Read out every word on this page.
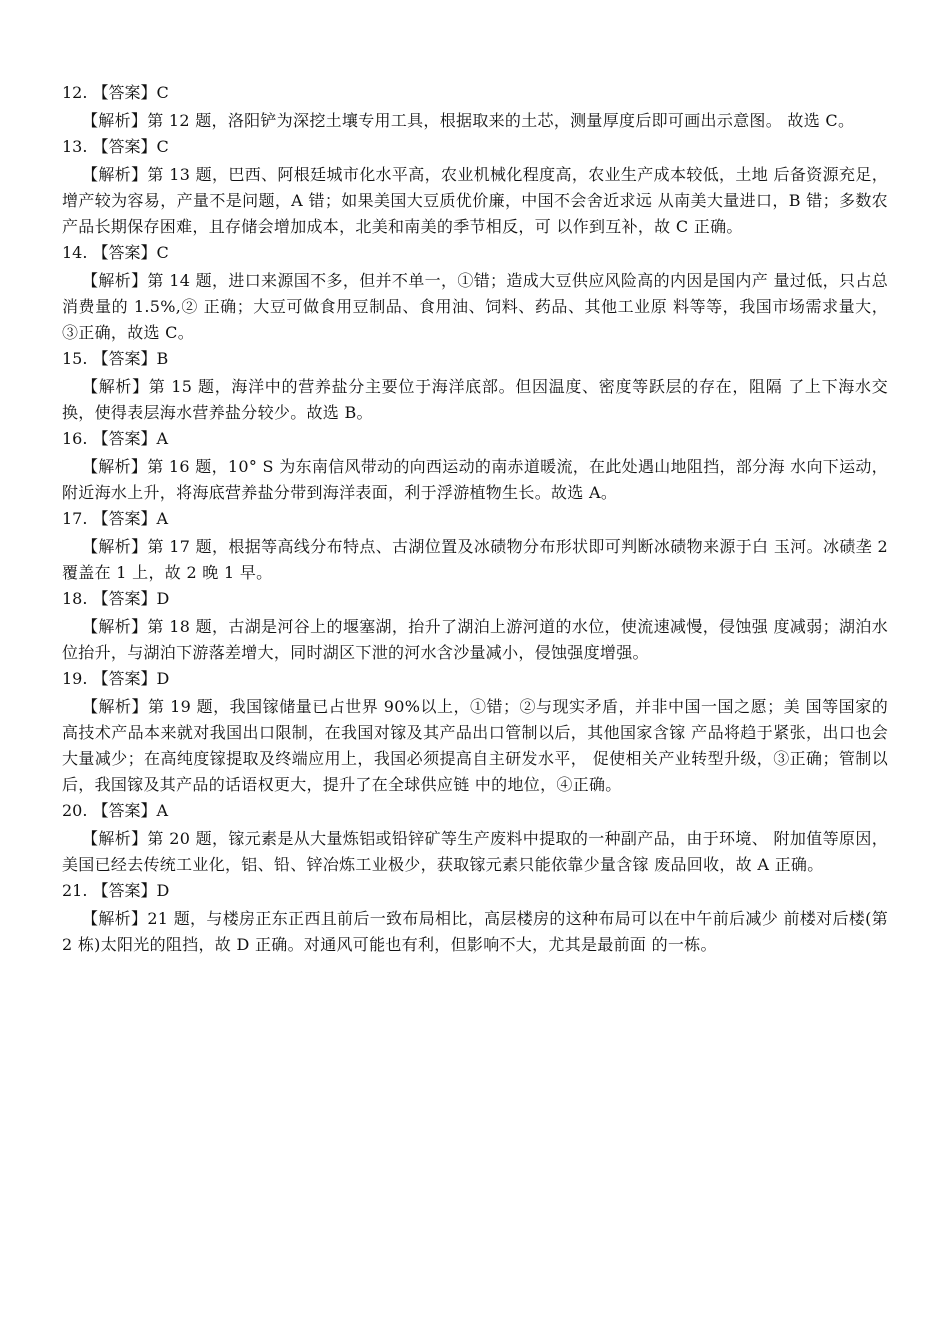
12. 【答案】C

【解析】第 12 题，洛阳铲为深挖土壤专用工具，根据取来的土芯，测量厚度后即可画出示意图。 故选 C。

13. 【答案】C

【解析】第 13 题，巴西、阿根廷城市化水平高，农业机械化程度高，农业生产成本较低，土地 后备资源充足，增产较为容易，产量不是问题，A 错；如果美国大豆质优价廉，中国不会舍近求远 从南美大量进口，B 错；多数农产品长期保存困难，且存储会增加成本，北美和南美的季节相反，可 以作到互补，故 C 正确。

14. 【答案】C

【解析】第 14 题，进口来源国不多，但并不单一，①错；造成大豆供应风险高的内因是国内产 量过低，只占总消费量的 1.5%,② 正确；大豆可做食用豆制品、食用油、饲料、药品、其他工业原 料等等，我国市场需求量大，③正确，故选 C。

15. 【答案】B

【解析】第 15 题，海洋中的营养盐分主要位于海洋底部。但因温度、密度等跃层的存在，阻隔 了上下海水交换，使得表层海水营养盐分较少。故选 B。

16. 【答案】A

【解析】第 16 题，10° S 为东南信风带动的向西运动的南赤道暖流，在此处遇山地阻挡，部分海 水向下运动，附近海水上升，将海底营养盐分带到海洋表面，利于浮游植物生长。故选 A。

17. 【答案】A

【解析】第 17 题，根据等高线分布特点、古湖位置及冰碛物分布形状即可判断冰碛物来源于白 玉河。冰碛垄 2 覆盖在 1 上，故 2 晚 1 早。

18. 【答案】D

【解析】第 18 题，古湖是河谷上的堰塞湖，抬升了湖泊上游河道的水位，使流速减慢，侵蚀强 度减弱；湖泊水位抬升，与湖泊下游落差增大，同时湖区下泄的河水含沙量减小，侵蚀强度增强。

19. 【答案】D

【解析】第 19 题，我国镓储量已占世界 90%以上，①错；②与现实矛盾，并非中国一国之愿；美 国等国家的高技术产品本来就对我国出口限制，在我国对镓及其产品出口管制以后，其他国家含镓 产品将趋于紧张，出口也会大量减少；在高纯度镓提取及终端应用上，我国必须提高自主研发水平， 促使相关产业转型升级，③正确；管制以后，我国镓及其产品的话语权更大，提升了在全球供应链 中的地位，④正确。

20. 【答案】A

【解析】第 20 题，镓元素是从大量炼铝或铅锌矿等生产废料中提取的一种副产品，由于环境、 附加值等原因，美国已经去传统工业化，铝、铅、锌冶炼工业极少，获取镓元素只能依靠少量含镓 废品回收，故 A 正确。

21. 【答案】D

【解析】21 题，与楼房正东正西且前后一致布局相比，高层楼房的这种布局可以在中午前后减少 前楼对后楼(第 2 栋)太阳光的阻挡，故 D 正确。对通风可能也有利，但影响不大，尤其是最前面 的一栋。
